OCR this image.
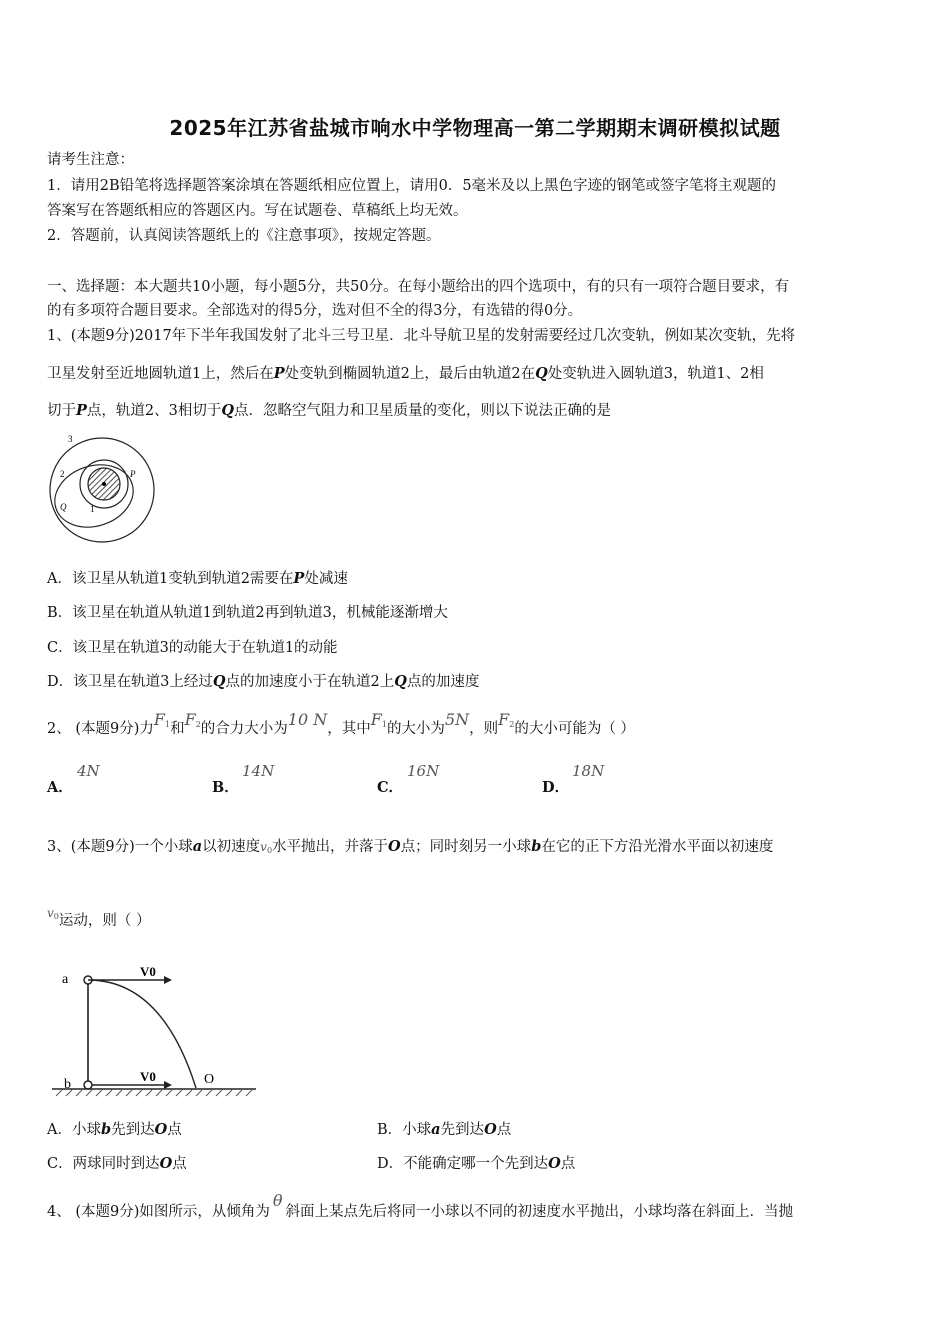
2025年江苏省盐城市响水中学物理高一第二学期期末调研模拟试题
请考生注意：
1．请用2B铅笔将选择题答案涂填在答题纸相应位置上，请用0．5毫米及以上黑色字迹的钢笔或签字笔将主观题的
答案写在答题纸相应的答题区内。写在试题卷、草稿纸上均无效。
2．答题前，认真阅读答题纸上的《注意事项》，按规定答题。
一、选择题：本大题共10小题，每小题5分，共50分。在每小题给出的四个选项中，有的只有一项符合题目要求，有
的有多项符合题目要求。全部选对的得5分，选对但不全的得3分，有选错的得0分。
1、(本题9分)2017年下半年我国发射了北斗三号卫星．北斗导航卫星的发射需要经过几次变轨，例如某次变轨，先将
卫星发射至近地圆轨道1上，然后在P处变轨到椭圆轨道2上，最后由轨道2在Q处变轨进入圆轨道3，轨道1、2相
切于P点，轨道2、3相切于Q点．忽略空气阻力和卫星质量的变化，则以下说法正确的是
3
2
1
P
Q
A．该卫星从轨道1变轨到轨道2需要在P处减速
B．该卫星在轨道从轨道1到轨道2再到轨道3，机械能逐渐增大
C．该卫星在轨道3的动能大于在轨道1的动能
D．该卫星在轨道3上经过Q点的加速度小于在轨道2上Q点的加速度
2、 (本题9分)力$F_1$和$F_2$的合力大小为10 N，其中$F_1$的大小为5N，则$F_2$的大小可能为（ ）
A．
4N
B．
14N
C．
16N
D．
18N
3、(本题9分)一个小球a以初速度$v_0$水平抛出，并落于O点；同时刻另一小球b在它的正下方沿光滑水平面以初速度
$^{v_0}$运动，则（ ）
a
b
V0
V0	O
A．小球b先到达O点	B．小球a先到达O点
C．两球同时到达O点	D．不能确定哪一个先到达O点
4、 (本题9分)如图所示，从倾角为θ斜面上某点先后将同一小球以不同的初速度水平抛出，小球均落在斜面上．当抛
